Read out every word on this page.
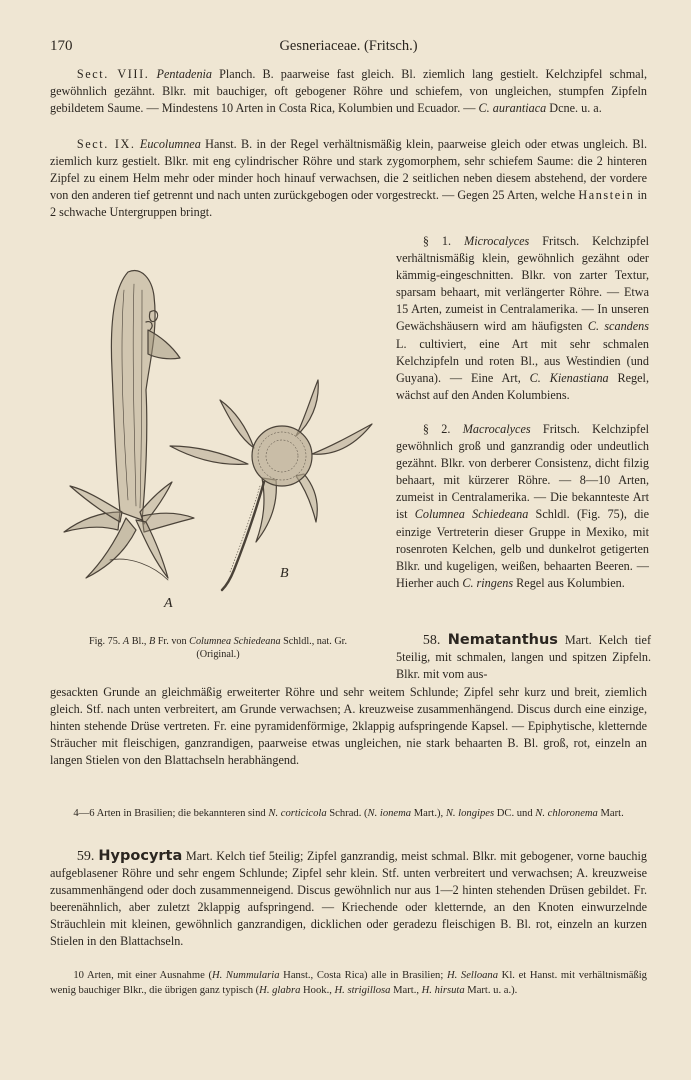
170	Gesneriaceae. (Fritsch.)

Sect. VIII. Pentadenia Planch. B. paarweise fast gleich. Bl. ziemlich lang gestielt. Kelchzipfel schmal, gewöhnlich gezähnt. Blkr. mit bauchiger, oft gebogener Röhre und schiefem, von ungleichen, stumpfen Zipfeln gebildetem Saume. — Mindestens 10 Arten in Costa Rica, Kolumbien und Ecuador. — C. aurantiaca Dcne. u. a.

Sect. IX. Eucolumnea Hanst. B. in der Regel verhältnismäßig klein, paarweise gleich oder etwas ungleich. Bl. ziemlich kurz gestielt. Blkr. mit eng cylindrischer Röhre und stark zygomorphem, sehr schiefem Saume: die 2 hinteren Zipfel zu einem Helm mehr oder minder hoch hinauf verwachsen, die 2 seitlichen neben diesem abstehend, der vordere von den anderen tief getrennt und nach unten zurückgebogen oder vorgestreckt. — Gegen 25 Arten, welche Hanstein in 2 schwache Untergruppen bringt.

§ 1. Microcalyces Fritsch. Kelchzipfel verhältnismäßig klein, gewöhnlich gezähnt oder kämmig-eingeschnitten. Blkr. von zarter Textur, sparsam behaart, mit verlängerter Röhre. — Etwa 15 Arten, zumeist in Centralamerika. — In unseren Gewächshäusern wird am häufigsten C. scandens L. cultiviert, eine Art mit sehr schmalen Kelchzipfeln und roten Bl., aus Westindien (und Guyana). — Eine Art, C. Kienastiana Regel, wächst auf den Anden Kolumbiens.

§ 2. Macrocalyces Fritsch. Kelchzipfel gewöhnlich groß und ganzrandig oder undeutlich gezähnt. Blkr. von derberer Consistenz, dicht filzig behaart, mit kürzerer Röhre. — 8—10 Arten, zumeist in Centralamerika. — Die bekannteste Art ist Columnea Schiedeana Schldl. (Fig. 75), die einzige Vertreterin dieser Gruppe in Mexiko, mit rosenroten Kelchen, gelb und dunkelrot getigerten Blkr. und kugeligen, weißen, behaarten Beeren. — Hierher auch C. ringens Regel aus Kolumbien.

58. Nematanthus Mart. Kelch tief 5teilig, mit schmalen, langen und spitzen Zipfeln. Blkr. mit vom aus-

gesackten Grunde an gleichmäßig erweiterter Röhre und sehr weitem Schlunde; Zipfel sehr kurz und breit, ziemlich gleich. Stf. nach unten verbreitert, am Grunde verwachsen; A. kreuzweise zusammenhängend. Discus durch eine einzige, hinten stehende Drüse vertreten. Fr. eine pyramidenförmige, 2klappig aufspringende Kapsel. — Epiphytische, kletternde Sträucher mit fleischigen, ganzrandigen, paarweise etwas ungleichen, nie stark behaarten B. Bl. groß, rot, einzeln an langen Stielen von den Blattachseln herabhängend.

4—6 Arten in Brasilien; die bekannteren sind N. corticicola Schrad. (N. ionema Mart.), N. longipes DC. und N. chloronema Mart.

59. Hypocyrta Mart. Kelch tief 5teilig; Zipfel ganzrandig, meist schmal. Blkr. mit gebogener, vorne bauchig aufgeblasener Röhre und sehr engem Schlunde; Zipfel sehr klein. Stf. unten verbreitert und verwachsen; A. kreuzweise zusammenhängend oder doch zusammenneigend. Discus gewöhnlich nur aus 1—2 hinten stehenden Drüsen gebildet. Fr. beerenähnlich, aber zuletzt 2klappig aufspringend. — Kriechende oder kletternde, an den Knoten einwurzelnde Sträuchlein mit kleinen, gewöhnlich ganzrandigen, dicklichen oder geradezu fleischigen B. Bl. rot, einzeln an kurzen Stielen in den Blattachseln.

10 Arten, mit einer Ausnahme (H. Nummularia Hanst., Costa Rica) alle in Brasilien; H. Selloana Kl. et Hanst. mit verhältnismäßig wenig bauchiger Blkr., die übrigen ganz typisch (H. glabra Hook., H. strigillosa Mart., H. hirsuta Mart. u. a.).

A
B
Fig. 75. A Bl., B Fr. von Columnea Schiedeana Schldl., nat. Gr.
(Original.)
